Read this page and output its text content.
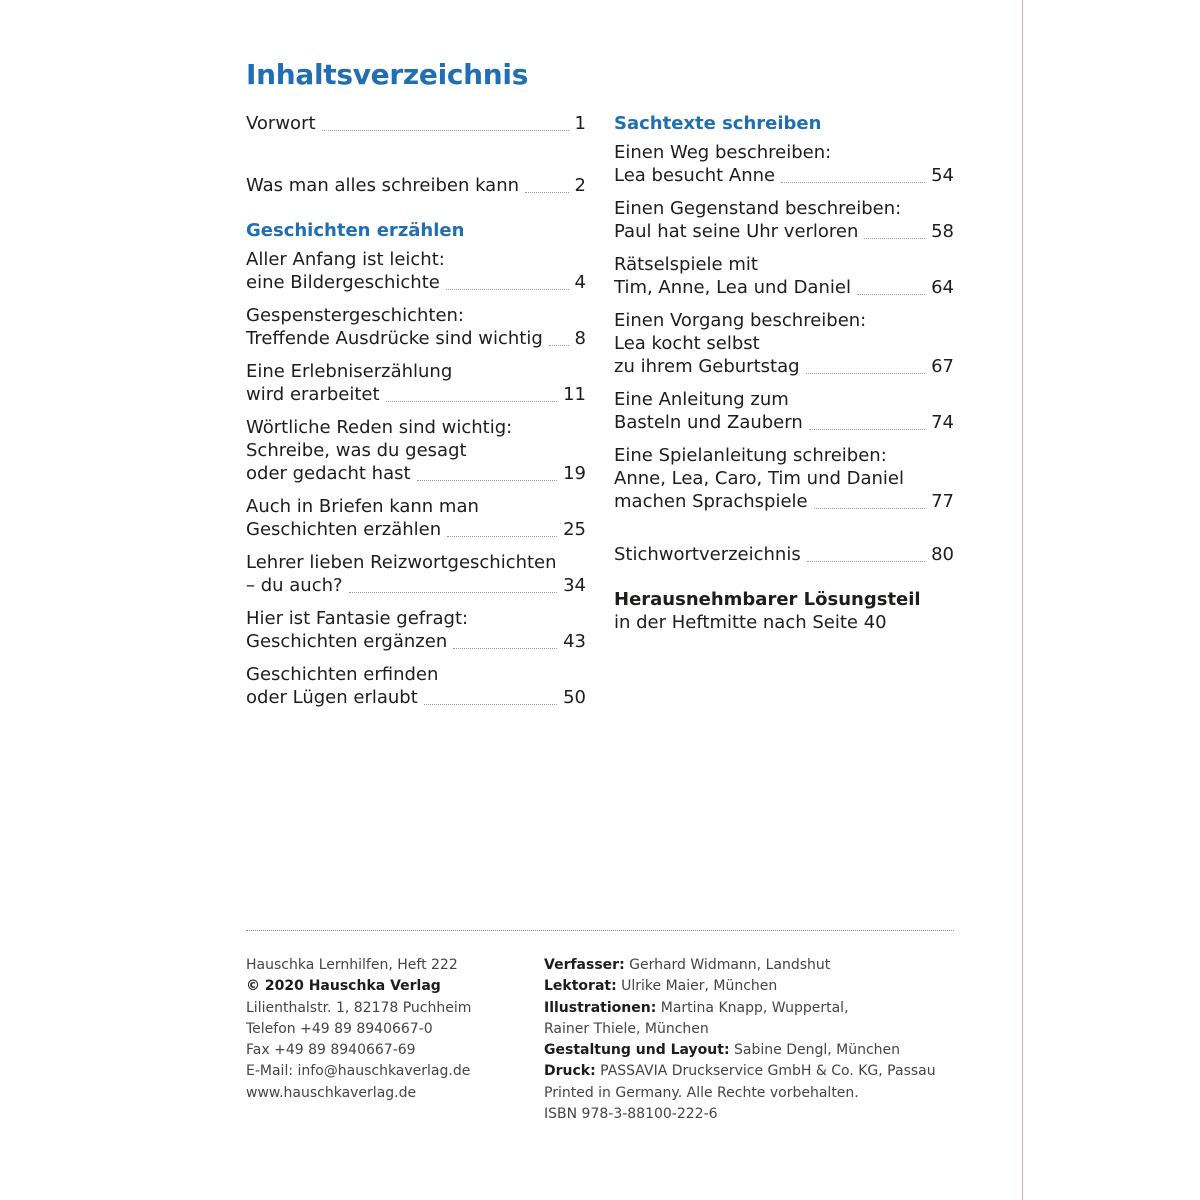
Inhaltsverzeichnis
Vorwort	1
Was man alles schreiben kann	2
Geschichten erzählen
Aller Anfang ist leicht:
eine Bildergeschichte	4
Gespenstergeschichten:
Treffende Ausdrücke sind wichtig 8
Eine Erlebniserzählung
wird erarbeitet	11
Wörtliche Reden sind wichtig:
Schreibe, was du gesagt
oder gedacht hast	19
Auch in Briefen kann man
Geschichten erzählen	25
Lehrer lieben Reizwortgeschichten
– du auch?	34
Hier ist Fantasie gefragt:
Geschichten ergänzen	43
Geschichten erfinden
oder Lügen erlaubt	50
Sachtexte schreiben
Einen Weg beschreiben:
Lea besucht Anne	54
Einen Gegenstand beschreiben:
Paul hat seine Uhr verloren	58
Rätselspiele mit
Tim, Anne, Lea und Daniel	64
Einen Vorgang beschreiben:
Lea kocht selbst
zu ihrem Geburtstag	67
Eine Anleitung zum
Basteln und Zaubern	74
Eine Spielanleitung schreiben:
Anne, Lea, Caro, Tim und Daniel
machen Sprachspiele	77
Stichwortverzeichnis	80
Herausnehmbarer Lösungsteil
in der Heftmitte nach Seite 40
Hauschka Lernhilfen, Heft 222
© 2020 Hauschka Verlag
Lilienthalstr. 1, 82178 Puchheim
Telefon +49 89 8940667-0
Fax +49 89 8940667-69
E-Mail: info@hauschkaverlag.de
www.hauschkaverlag.de
Verfasser: Gerhard Widmann, Landshut
Lektorat: Ulrike Maier, München
Illustrationen: Martina Knapp, Wuppertal,
Rainer Thiele, München
Gestaltung und Layout: Sabine Dengl, München
Druck: PASSAVIA Druckservice GmbH & Co. KG, Passau
Printed in Germany. Alle Rechte vorbehalten.
ISBN 978-3-88100-222-6
